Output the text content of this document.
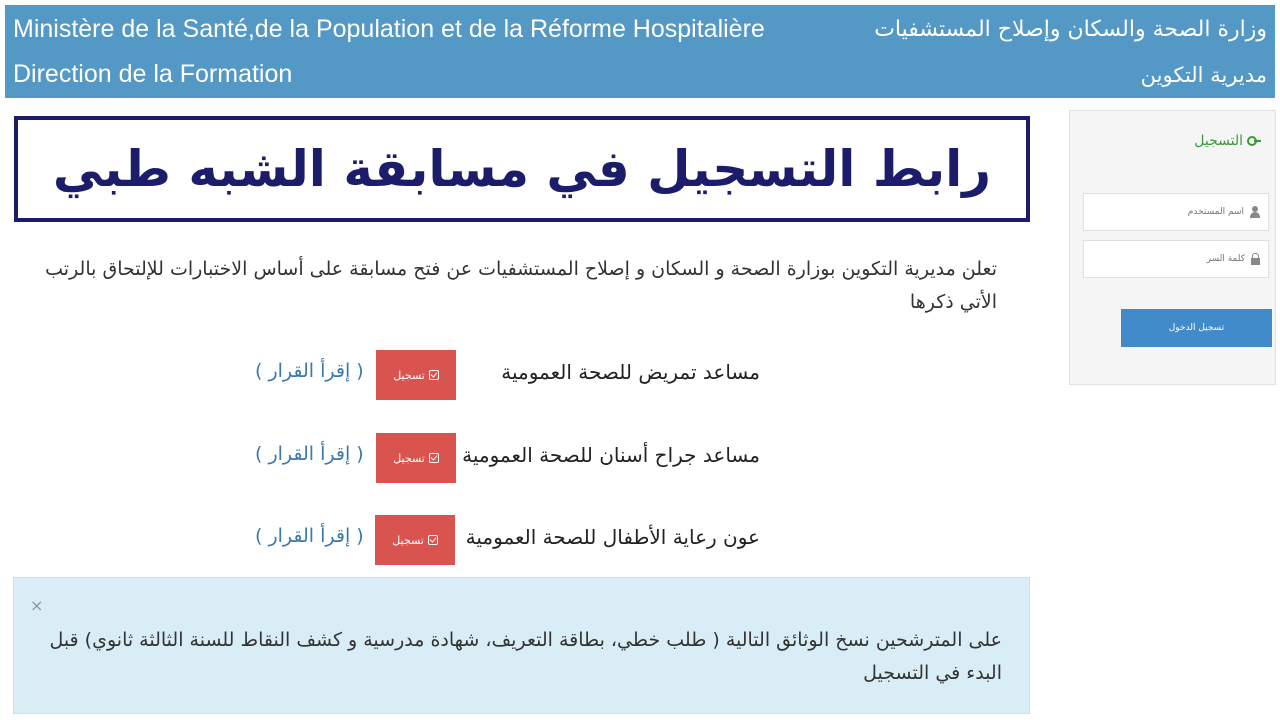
Ministère de la Santé,de la Population et de la Réforme Hospitalière
Direction de la Formation
وزارة الصحة والسكان وإصلاح المستشفيات
مديرية التكوين
رابط التسجيل في مسابقة الشبه طبي
تعلن مديرية التكوين بوزارة الصحة و السكان و إصلاح المستشفيات عن فتح مسابقة على أساس الاختبارات للإلتحاق بالرتب الأتي ذكرها
مساعد تمريض للصحة العمومية
تسجيل
( إقرأ القرار )
مساعد جراح أسنان للصحة العمومية
تسجيل
( إقرأ القرار )
عون رعاية الأطفال للصحة العمومية
تسجيل
( إقرأ القرار )
×
على المترشحين نسخ الوثائق التالية ( طلب خطي، بطاقة التعريف، شهادة مدرسية و كشف النقاط للسنة الثالثة ثانوي) قبل البدء في التسجيل
التسجيل
اسم المستخدم
تسجيل الدخول
